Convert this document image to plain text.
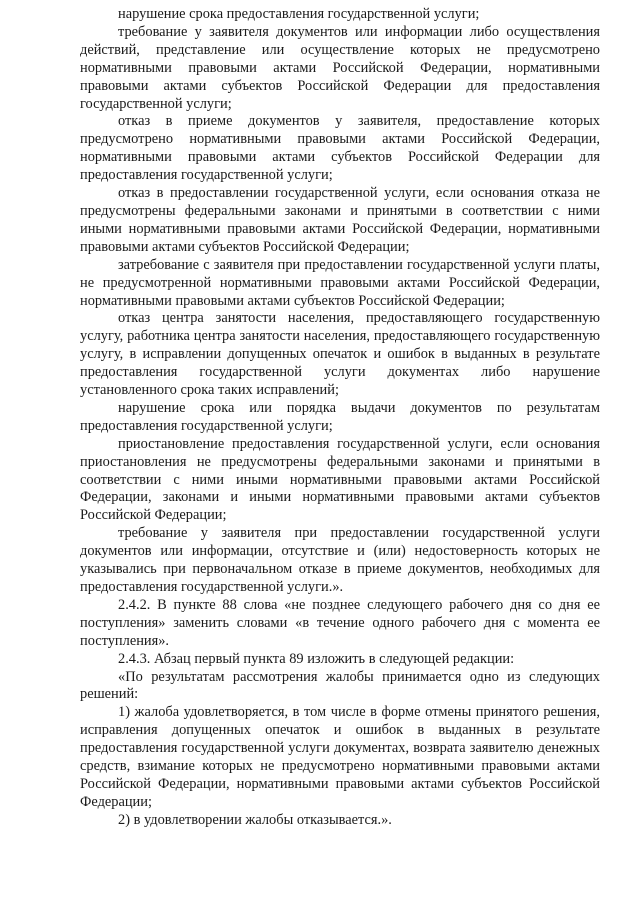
нарушение срока предоставления государственной услуги;

требование у заявителя документов или информации либо осуществления действий, представление или осуществление которых не предусмотрено нормативными правовыми актами Российской Федерации, нормативными правовыми актами субъектов Российской Федерации для предоставления государственной услуги;

отказ в приеме документов у заявителя, предоставление которых предусмотрено нормативными правовыми актами Российской Федерации, нормативными правовыми актами субъектов Российской Федерации для предоставления государственной услуги;

отказ в предоставлении государственной услуги, если основания отказа не предусмотрены федеральными законами и принятыми в соответствии с ними иными нормативными правовыми актами Российской Федерации, нормативными правовыми актами субъектов Российской Федерации;

затребование с заявителя при предоставлении государственной услуги платы, не предусмотренной нормативными правовыми актами Российской Федерации, нормативными правовыми актами субъектов Российской Федерации;

отказ центра занятости населения, предоставляющего государственную услугу, работника центра занятости населения, предоставляющего государственную услугу, в исправлении допущенных опечаток и ошибок в выданных в результате предоставления государственной услуги документах либо нарушение установленного срока таких исправлений;

нарушение срока или порядка выдачи документов по результатам предоставления государственной услуги;

приостановление предоставления государственной услуги, если основания приостановления не предусмотрены федеральными законами и принятыми в соответствии с ними иными нормативными правовыми актами Российской Федерации, законами и иными нормативными правовыми актами субъектов Российской Федерации;

требование у заявителя при предоставлении государственной услуги документов или информации, отсутствие и (или) недостоверность которых не указывались при первоначальном отказе в приеме документов, необходимых для предоставления государственной услуги.».

2.4.2. В пункте 88 слова «не позднее следующего рабочего дня со дня ее поступления» заменить словами «в течение одного рабочего дня с момента ее поступления».

2.4.3. Абзац первый пункта 89 изложить в следующей редакции:

«По результатам рассмотрения жалобы принимается одно из следующих решений:

1) жалоба удовлетворяется, в том числе в форме отмены принятого решения, исправления допущенных опечаток и ошибок в выданных в результате предоставления государственной услуги документах, возврата заявителю денежных средств, взимание которых не предусмотрено нормативными правовыми актами Российской Федерации, нормативными правовыми актами субъектов Российской Федерации;

2) в удовлетворении жалобы отказывается.».
